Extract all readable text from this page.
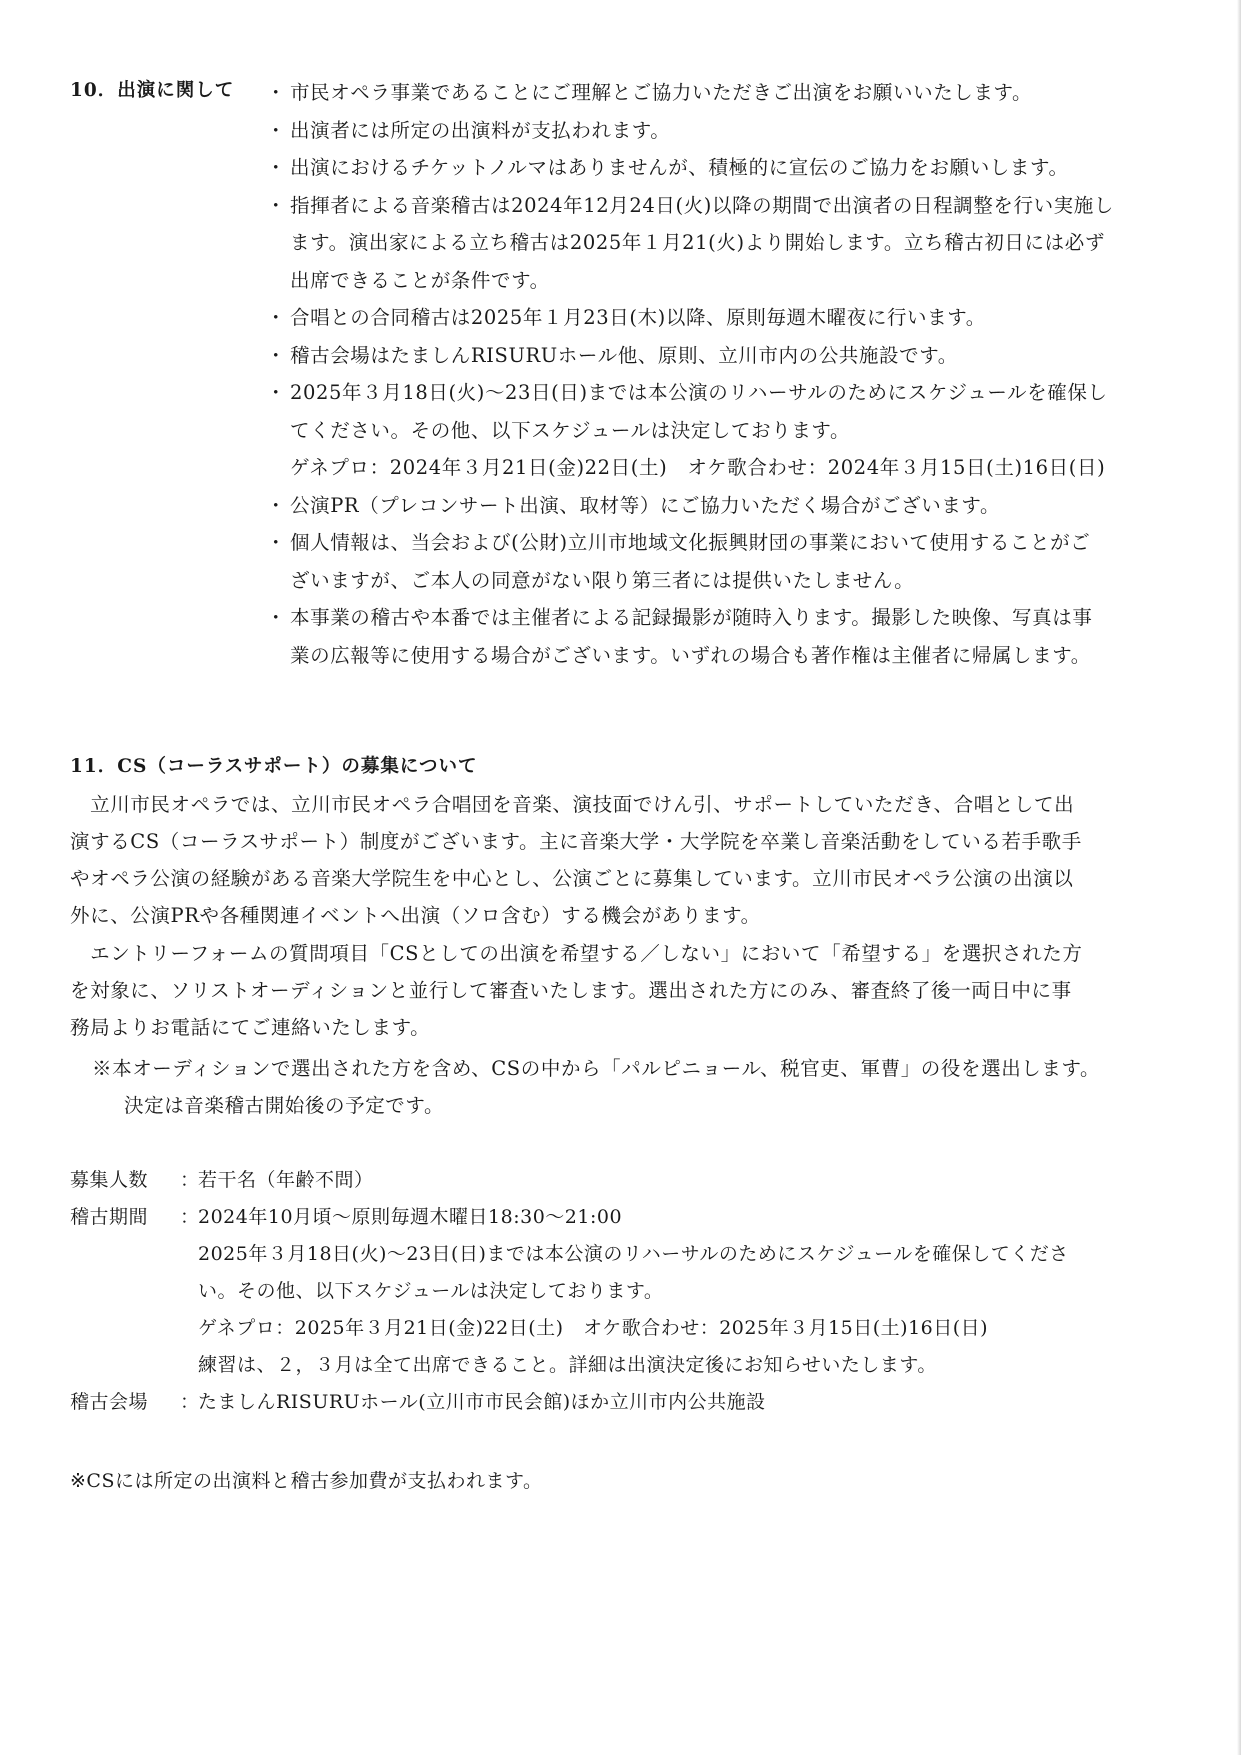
10．出演に関して
・	市民オペラ事業であることにご理解とご協力いただきご出演をお願いいたします。
・ 出演者には所定の出演料が支払われます。
・ 出演におけるチケットノルマはありませんが、積極的に宣伝のご協力をお願いします。
・ 指揮者による音楽稽古は2024年12月24日(火)以降の期間で出演者の日程調整を行い実施し
ます。演出家による立ち稽古は2025年１月21(火)より開始します。立ち稽古初日には必ず
出席できることが条件です。
・ 合唱との合同稽古は2025年１月23日(木)以降、原則毎週木曜夜に行います。
・ 稽古会場はたましんRISURUホール他、原則、立川市内の公共施設です。
・ 2025年３月18日(火)～23日(日)までは本公演のリハーサルのためにスケジュールを確保し
てください。その他、以下スケジュールは決定しております。
ゲネプロ：2024年３月21日(金)22日(土)　オケ歌合わせ：2024年３月15日(土)16日(日)
・ 公演PR（プレコンサート出演、取材等）にご協力いただく場合がございます。
・ 個人情報は、当会および(公財)立川市地域文化振興財団の事業において使用することがご
ざいますが、ご本人の同意がない限り第三者には提供いたしません。
・ 本事業の稽古や本番では主催者による記録撮影が随時入ります。撮影した映像、写真は事
業の広報等に使用する場合がございます。いずれの場合も著作権は主催者に帰属します。
11．CS（コーラスサポート）の募集について
　立川市民オペラでは、立川市民オペラ合唱団を音楽、演技面でけん引、サポートしていただき、合唱として出
演するCS（コーラスサポート）制度がございます。主に音楽大学・大学院を卒業し音楽活動をしている若手歌手
やオペラ公演の経験がある音楽大学院生を中心とし、公演ごとに募集しています。立川市民オペラ公演の出演以
外に、公演PRや各種関連イベントへ出演（ソロ含む）する機会があります。
　エントリーフォームの質問項目「CSとしての出演を希望する／しない」において「希望する」を選択された方
を対象に、ソリストオーディションと並行して審査いたします。選出された方にのみ、審査終了後一両日中に事
務局よりお電話にてご連絡いたします。
※本オーディションで選出された方を含め、CSの中から「パルピニョール、税官吏、軍曹」の役を選出します。
決定は音楽稽古開始後の予定です。
募集人数	：
若干名（年齢不問）
稽古期間	：
2024年10月頃～原則毎週木曜日18:30～21:00
2025年３月18日(火)～23日(日)までは本公演のリハーサルのためにスケジュールを確保してくださ
い。その他、以下スケジュールは決定しております。
ゲネプロ：2025年３月21日(金)22日(土)　オケ歌合わせ：2025年３月15日(土)16日(日)
練習は、２，３月は全て出席できること。詳細は出演決定後にお知らせいたします。
稽古会場	：
たましんRISURUホール(立川市市民会館)ほか立川市内公共施設
※CSには所定の出演料と稽古参加費が支払われます。
